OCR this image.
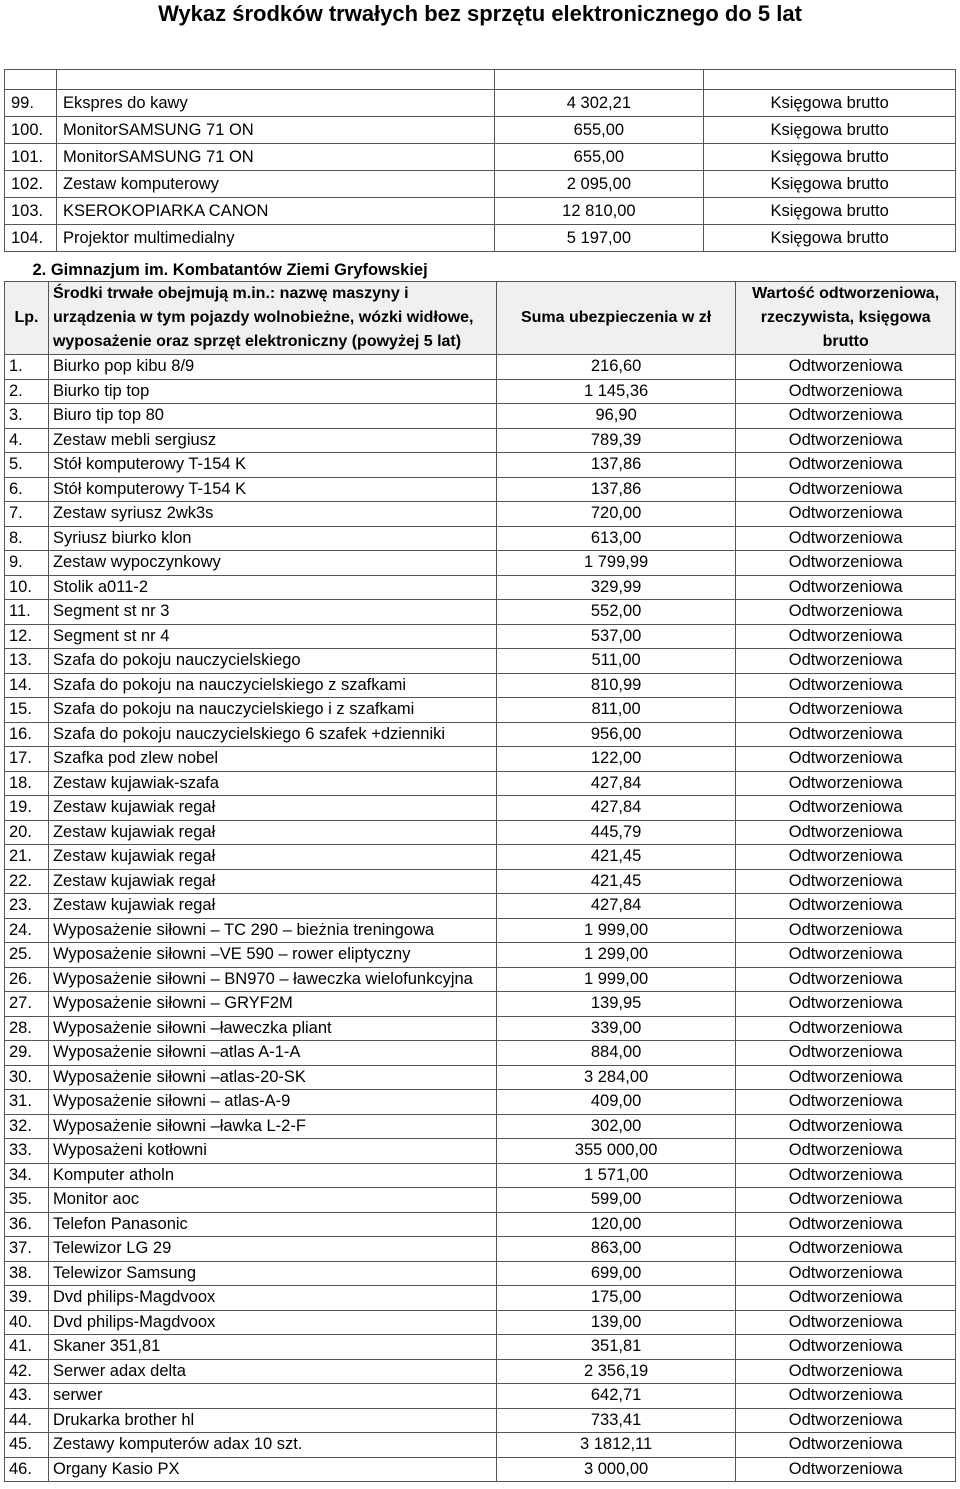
Wykaz środków trwałych bez sprzętu elektronicznego do 5 lat

99.	Ekspres do kawy	4 302,21	Księgowa brutto
100.	MonitorSAMSUNG 71 ON	655,00	Księgowa brutto
101.	MonitorSAMSUNG 71 ON	655,00	Księgowa brutto
102.	Zestaw komputerowy	2 095,00	Księgowa brutto
103.	KSEROKOPIARKA CANON	12 810,00	Księgowa brutto
104.	Projektor multimedialny	5 197,00	Księgowa brutto
2. Gimnazjum im. Kombatantów Ziemi Gryfowskiej			
Lp.	Środki trwałe obejmują m.in.: nazwę maszyny i urządzenia w tym pojazdy wolnobieżne, wózki widłowe, wyposażenie oraz sprzęt elektroniczny (powyżej 5 lat)	Suma ubezpieczenia w zł	Wartość odtworzeniowa, rzeczywista, księgowa brutto
1.	Biurko pop kibu 8/9	216,60	Odtworzeniowa
2.	Biurko tip top	1 145,36	Odtworzeniowa
3.	Biuro tip top 80	96,90	Odtworzeniowa
4.	Zestaw mebli sergiusz	789,39	Odtworzeniowa
5.	Stół komputerowy T-154 K	137,86	Odtworzeniowa
6.	Stół komputerowy T-154 K	137,86	Odtworzeniowa
7.	Zestaw syriusz 2wk3s	720,00	Odtworzeniowa
8.	Syriusz biurko klon	613,00	Odtworzeniowa
9.	Zestaw wypoczynkowy	1 799,99	Odtworzeniowa
10.	Stolik a011-2	329,99	Odtworzeniowa
11.	Segment st nr 3	552,00	Odtworzeniowa
12.	Segment st nr 4	537,00	Odtworzeniowa
13.	Szafa do pokoju nauczycielskiego	511,00	Odtworzeniowa
14.	Szafa do pokoju na nauczycielskiego z szafkami	810,99	Odtworzeniowa
15.	Szafa do pokoju na nauczycielskiego i z szafkami	811,00	Odtworzeniowa
16.	Szafa do pokoju nauczycielskiego 6 szafek +dzienniki	956,00	Odtworzeniowa
17.	Szafka pod zlew nobel	122,00	Odtworzeniowa
18.	Zestaw kujawiak-szafa	427,84	Odtworzeniowa
19.	Zestaw kujawiak regał	427,84	Odtworzeniowa
20.	Zestaw kujawiak regał	445,79	Odtworzeniowa
21.	Zestaw kujawiak regał	421,45	Odtworzeniowa
22.	Zestaw kujawiak regał	421,45	Odtworzeniowa
23.	Zestaw kujawiak regał	427,84	Odtworzeniowa
24.	Wyposażenie siłowni – TC 290 – bieżnia treningowa	1 999,00	Odtworzeniowa
25.	Wyposażenie siłowni –VE 590 – rower eliptyczny	1 299,00	Odtworzeniowa
26.	Wyposażenie siłowni – BN970 – ławeczka wielofunkcyjna	1 999,00	Odtworzeniowa
27.	Wyposażenie siłowni – GRYF2M	139,95	Odtworzeniowa
28.	Wyposażenie siłowni –ławeczka pliant	339,00	Odtworzeniowa
29.	Wyposażenie siłowni –atlas A-1-A	884,00	Odtworzeniowa
30.	Wyposażenie siłowni –atlas-20-SK	3 284,00	Odtworzeniowa
31.	Wyposażenie siłowni – atlas-A-9	409,00	Odtworzeniowa
32.	Wyposażenie siłowni –ławka L-2-F	302,00	Odtworzeniowa
33.	Wyposażeni kotłowni	355 000,00	Odtworzeniowa
34.	Komputer atholn	1 571,00	Odtworzeniowa
35.	Monitor aoc	599,00	Odtworzeniowa
36.	Telefon Panasonic	120,00	Odtworzeniowa
37.	Telewizor LG 29	863,00	Odtworzeniowa
38.	Telewizor Samsung	699,00	Odtworzeniowa
39.	Dvd philips-Magdvoox	175,00	Odtworzeniowa
40.	Dvd philips-Magdvoox	139,00	Odtworzeniowa
41.	Skaner 351,81	351,81	Odtworzeniowa
42.	Serwer adax delta	2 356,19	Odtworzeniowa
43.	serwer	642,71	Odtworzeniowa
44.	Drukarka brother hl	733,41	Odtworzeniowa
45.	Zestawy komputerów adax 10 szt.	3 1812,11	Odtworzeniowa
46.	Organy Kasio PX	3 000,00	Odtworzeniowa
